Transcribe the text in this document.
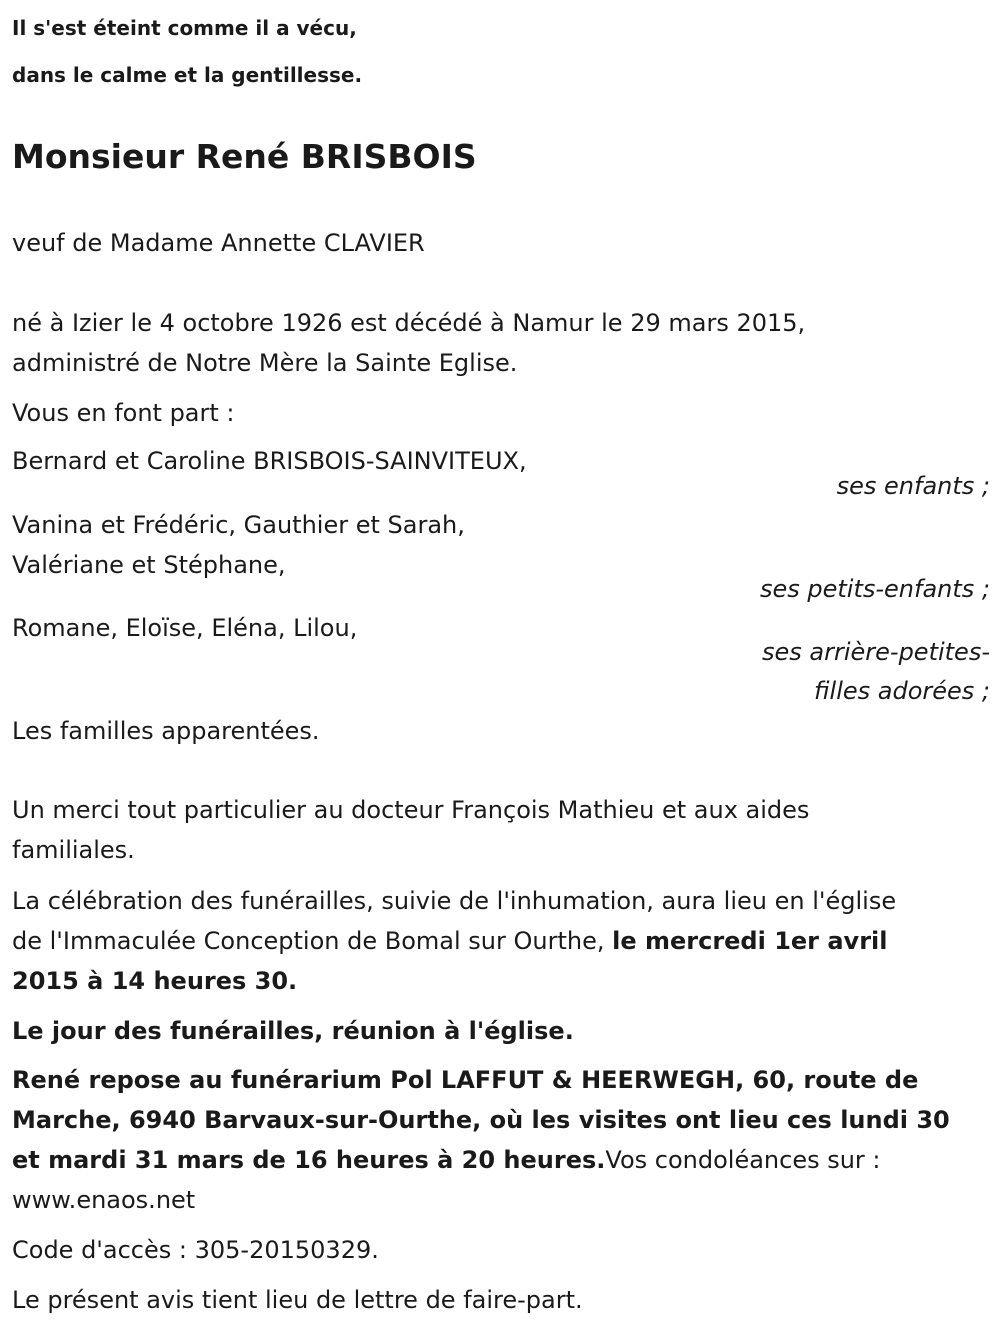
Il s'est éteint comme il a vécu,
dans le calme et la gentillesse.
Monsieur René BRISBOIS
veuf de Madame Annette CLAVIER
né à Izier le 4 octobre 1926 est décédé à Namur le 29 mars 2015,
administré de Notre Mère la Sainte Eglise.
Vous en font part :
Bernard et Caroline BRISBOIS-SAINVITEUX,
ses enfants ;
Vanina et Frédéric, Gauthier et Sarah,
Valériane et Stéphane,
ses petits-enfants ;
Romane, Eloïse, Eléna, Lilou,
ses arrière-petites-
filles adorées ;
Les familles apparentées.
Un merci tout particulier au docteur François Mathieu et aux aides
familiales.
La célébration des funérailles, suivie de l'inhumation, aura lieu en l'église
de l'Immaculée Conception de Bomal sur Ourthe, le mercredi 1er avril
2015 à 14 heures 30.
Le jour des funérailles, réunion à l'église.
René repose au funérarium Pol LAFFUT & HEERWEGH, 60, route de
Marche, 6940 Barvaux-sur-Ourthe, où les visites ont lieu ces lundi 30
et mardi 31 mars de 16 heures à 20 heures.Vos condoléances sur :
www.enaos.net
Code d'accès : 305-20150329.
Le présent avis tient lieu de lettre de faire-part.
